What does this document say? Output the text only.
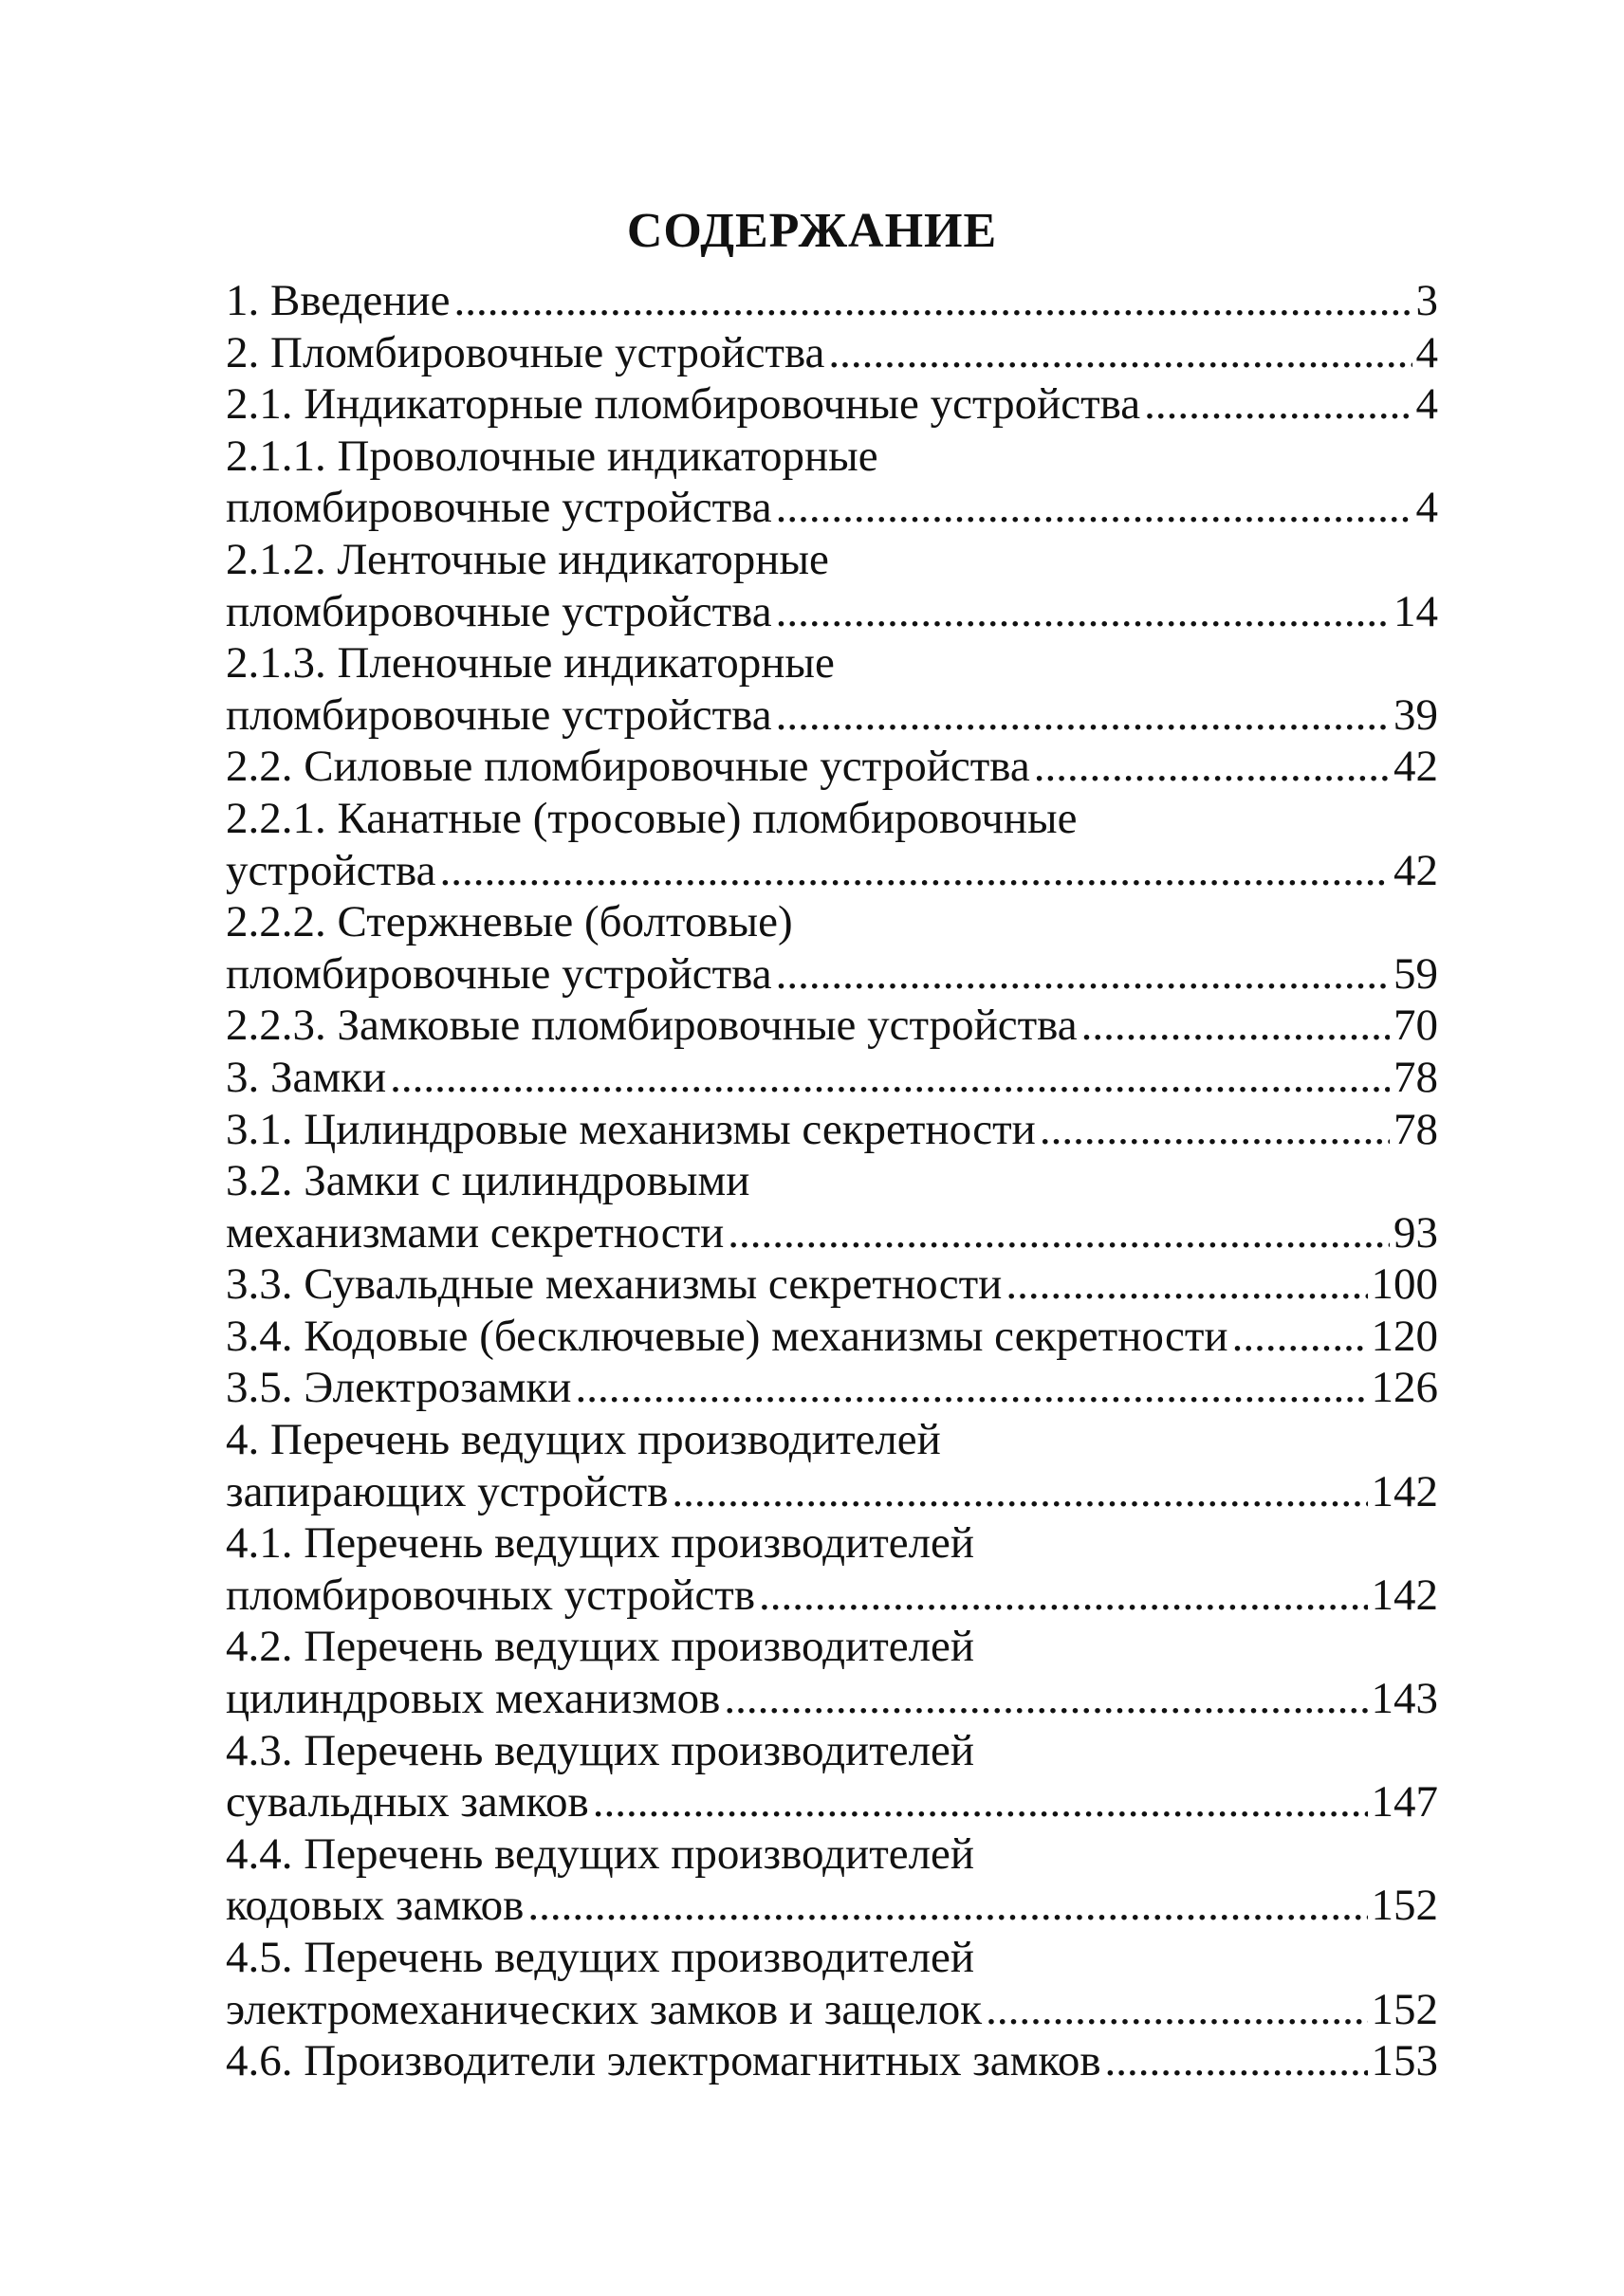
СОДЕРЖАНИЕ
1. Введение .....	3
2. Пломбировочные устройства .....	4
2.1. Индикаторные пломбировочные устройства .....	4
2.1.1. Проволочные индикаторные
пломбировочные устройства .....	4
2.1.2. Ленточные индикаторные
пломбировочные устройства .....	14
2.1.3. Пленочные индикаторные
пломбировочные устройства .....	39
2.2. Силовые пломбировочные устройства .....	42
2.2.1. Канатные (тросовые) пломбировочные
устройства .....	42
2.2.2. Стержневые (болтовые)
пломбировочные устройства .....	59
2.2.3. Замковые пломбировочные устройства .....	70
3. Замки .....	78
3.1. Цилиндровые механизмы секретности .....	78
3.2. Замки с цилиндровыми
механизмами секретности .....	93
3.3. Сувальдные механизмы секретности .....	100
3.4. Кодовые (бесключевые) механизмы секретности .....	120
3.5. Электрозамки .....	126
4. Перечень ведущих производителей
запирающих устройств .....	142
4.1. Перечень ведущих производителей
пломбировочных устройств .....	142
4.2. Перечень ведущих производителей
цилиндровых механизмов .....	143
4.3. Перечень ведущих производителей
сувальдных замков .....	147
4.4. Перечень ведущих производителей
кодовых замков .....	152
4.5. Перечень ведущих производителей
электромеханических замков и защелок .....	152
4.6. Производители электромагнитных замков .....	153
